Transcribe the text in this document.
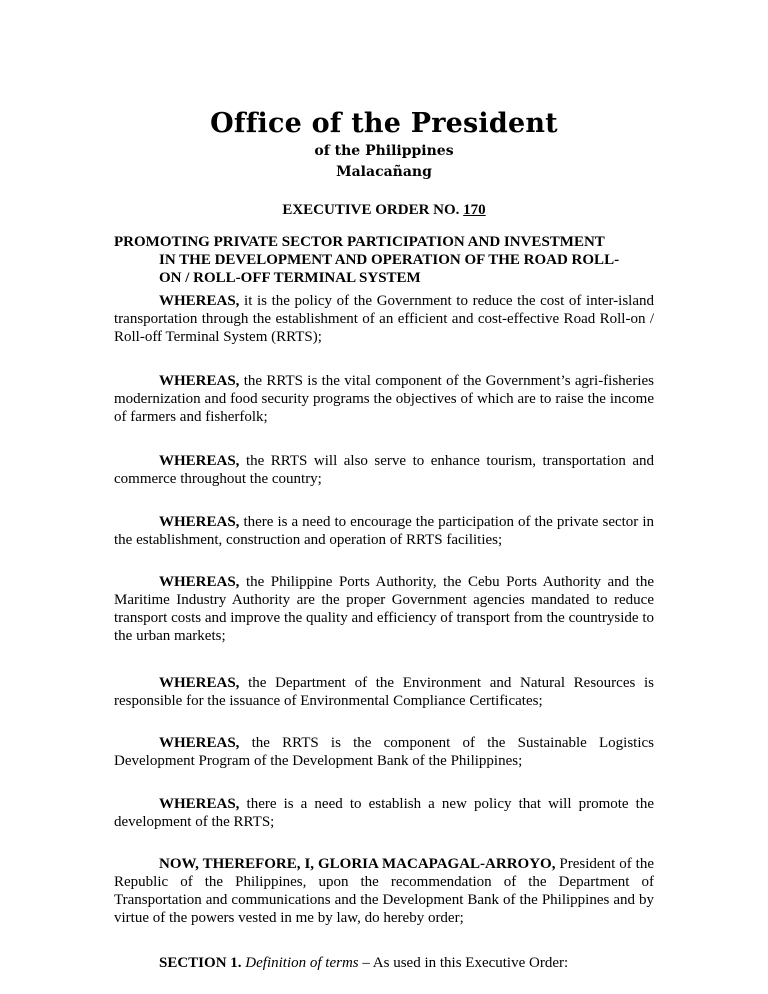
Office of the President
of the Philippines
Malacañang
EXECUTIVE ORDER NO. 170
PROMOTING PRIVATE SECTOR PARTICIPATION AND INVESTMENT
IN THE DEVELOPMENT AND OPERATION OF THE ROAD ROLL-
ON / ROLL-OFF TERMINAL SYSTEM
WHEREAS, it is the policy of the Government to reduce the cost of inter-island transportation through the establishment of an efficient and cost-effective Road Roll-on / Roll-off Terminal System (RRTS);
WHEREAS, the RRTS is the vital component of the Government’s agri-fisheries modernization and food security programs the objectives of which are to raise the income of farmers and fisherfolk;
WHEREAS, the RRTS will also serve to enhance tourism, transportation and commerce throughout the country;
WHEREAS, there is a need to encourage the participation of the private sector in the establishment, construction and operation of RRTS facilities;
WHEREAS, the Philippine Ports Authority, the Cebu Ports Authority and the Maritime Industry Authority are the proper Government agencies mandated to reduce transport costs and improve the quality and efficiency of transport from the countryside to the urban markets;
WHEREAS, the Department of the Environment and Natural Resources is responsible for the issuance of Environmental Compliance Certificates;
WHEREAS, the RRTS is the component of the Sustainable Logistics Development Program of the Development Bank of the Philippines;
WHEREAS, there is a need to establish a new policy that will promote the development of the RRTS;
NOW, THEREFORE, I, GLORIA MACAPAGAL-ARROYO, President of the Republic of the Philippines, upon the recommendation of the Department of Transportation and communications and the Development Bank of the Philippines and by virtue of the powers vested in me by law, do hereby order;
SECTION 1. Definition of terms – As used in this Executive Order:
